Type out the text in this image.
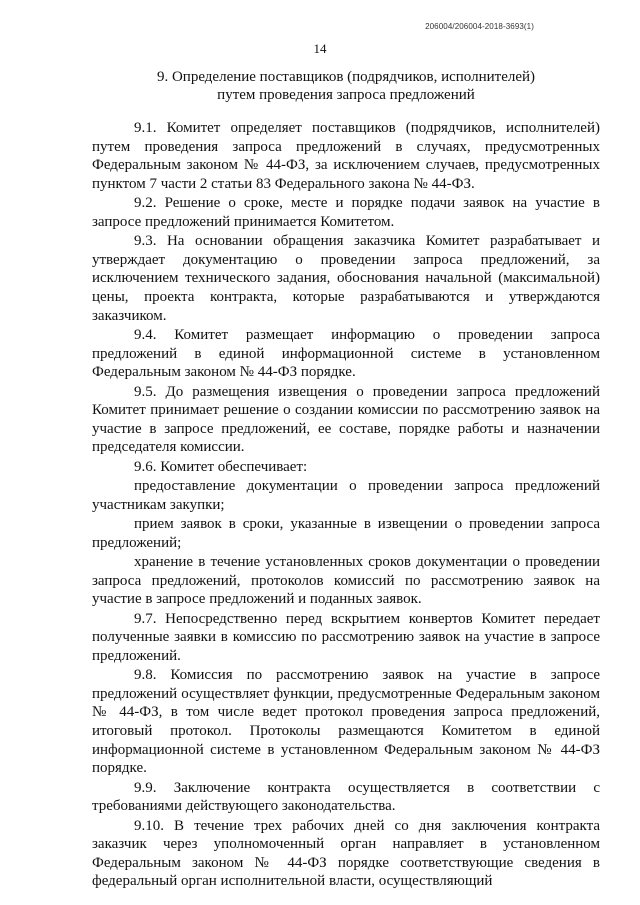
206004/206004-2018-3693(1)
14
9. Определение поставщиков (подрядчиков, исполнителей)
путем проведения запроса предложений

9.1. Комитет определяет поставщиков (подрядчиков, исполнителей) путем проведения запроса предложений в случаях, предусмотренных Федеральным законом № 44-ФЗ, за исключением случаев, предусмотренных пунктом 7 части 2 статьи 83 Федерального закона № 44-ФЗ.

9.2. Решение о сроке, месте и порядке подачи заявок на участие в запросе предложений принимается Комитетом.

9.3. На основании обращения заказчика Комитет разрабатывает и утверждает документацию о проведении запроса предложений, за исключением технического задания, обоснования начальной (максимальной) цены, проекта контракта, которые разрабатываются и утверждаются заказчиком.

9.4. Комитет размещает информацию о проведении запроса предложений в единой информационной системе в установленном Федеральным законом № 44-ФЗ порядке.

9.5. До размещения извещения о проведении запроса предложений Комитет принимает решение о создании комиссии по рассмотрению заявок на участие в запросе предложений, ее составе, порядке работы и назначении председателя комиссии.

9.6. Комитет обеспечивает:

предоставление документации о проведении запроса предложений участникам закупки;

прием заявок в сроки, указанные в извещении о проведении запроса предложений;

хранение в течение установленных сроков документации о проведении запроса предложений, протоколов комиссий по рассмотрению заявок на участие в запросе предложений и поданных заявок.

9.7. Непосредственно перед вскрытием конвертов Комитет передает полученные заявки в комиссию по рассмотрению заявок на участие в запросе предложений.

9.8. Комиссия по рассмотрению заявок на участие в запросе предложений осуществляет функции, предусмотренные Федеральным законом № 44-ФЗ, в том числе ведет протокол проведения запроса предложений, итоговый протокол. Протоколы размещаются Комитетом в единой информационной системе в установленном Федеральным законом № 44-ФЗ порядке.

9.9. Заключение контракта осуществляется в соответствии с требованиями действующего законодательства.

9.10. В течение трех рабочих дней со дня заключения контракта заказчик через уполномоченный орган направляет в установленном Федеральным законом № 44-ФЗ порядке соответствующие сведения в федеральный орган исполнительной власти, осуществляющий
